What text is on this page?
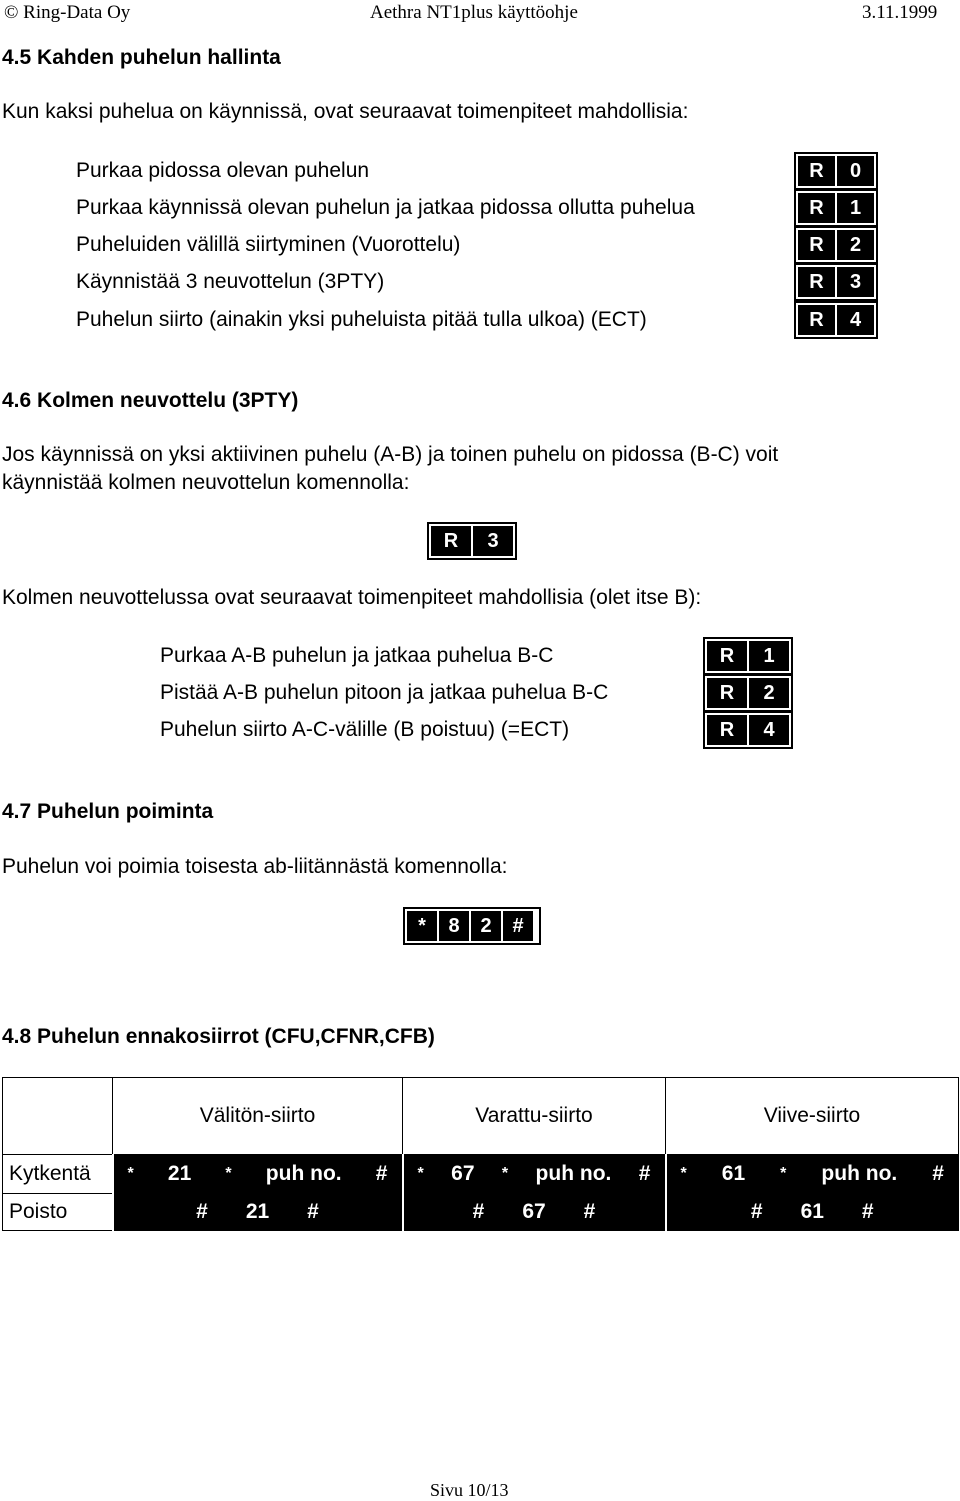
© Ring-Data Oy	Aethra NT1plus käyttöohje	3.11.1999
4.5 Kahden puhelun hallinta
Kun kaksi puhelua on käynnissä, ovat seuraavat toimenpiteet mahdollisia:
Purkaa pidossa olevan puhelun	R	0
Purkaa käynnissä olevan puhelun ja jatkaa pidossa ollutta puhelua	R	1
Puheluiden välillä siirtyminen (Vuorottelu)	R	2
Käynnistää 3 neuvottelun (3PTY)	R	3
Puhelun siirto (ainakin yksi puheluista pitää tulla ulkoa) (ECT)	R	4
4.6 Kolmen neuvottelu (3PTY)
Jos käynnissä on yksi aktiivinen puhelu (A-B) ja toinen puhelu on pidossa (B-C) voit
käynnistää kolmen neuvottelun komennolla:
R	3
Kolmen neuvottelussa ovat seuraavat toimenpiteet mahdollisia (olet itse B):
Purkaa A-B puhelun ja jatkaa puhelua B-C	R	1
Pistää A-B puhelun pitoon ja jatkaa puhelua B-C	R	2
Puhelun siirto A-C-välille (B poistuu) (=ECT)	R	4
4.7 Puhelun poiminta
Puhelun voi poimia toisesta ab-liitännästä komennolla:
*	8	2	#
4.8 Puhelun ennakosiirrot (CFU,CFNR,CFB)
	Välitön-siirto	Varattu-siirto	Viive-siirto
Kytkentä	* 21 * puh no. #	* 67 * puh no. #	* 61 * puh no. #

Poisto	# 21 #	# 67 #	# 61 #
Sivu 10/13
